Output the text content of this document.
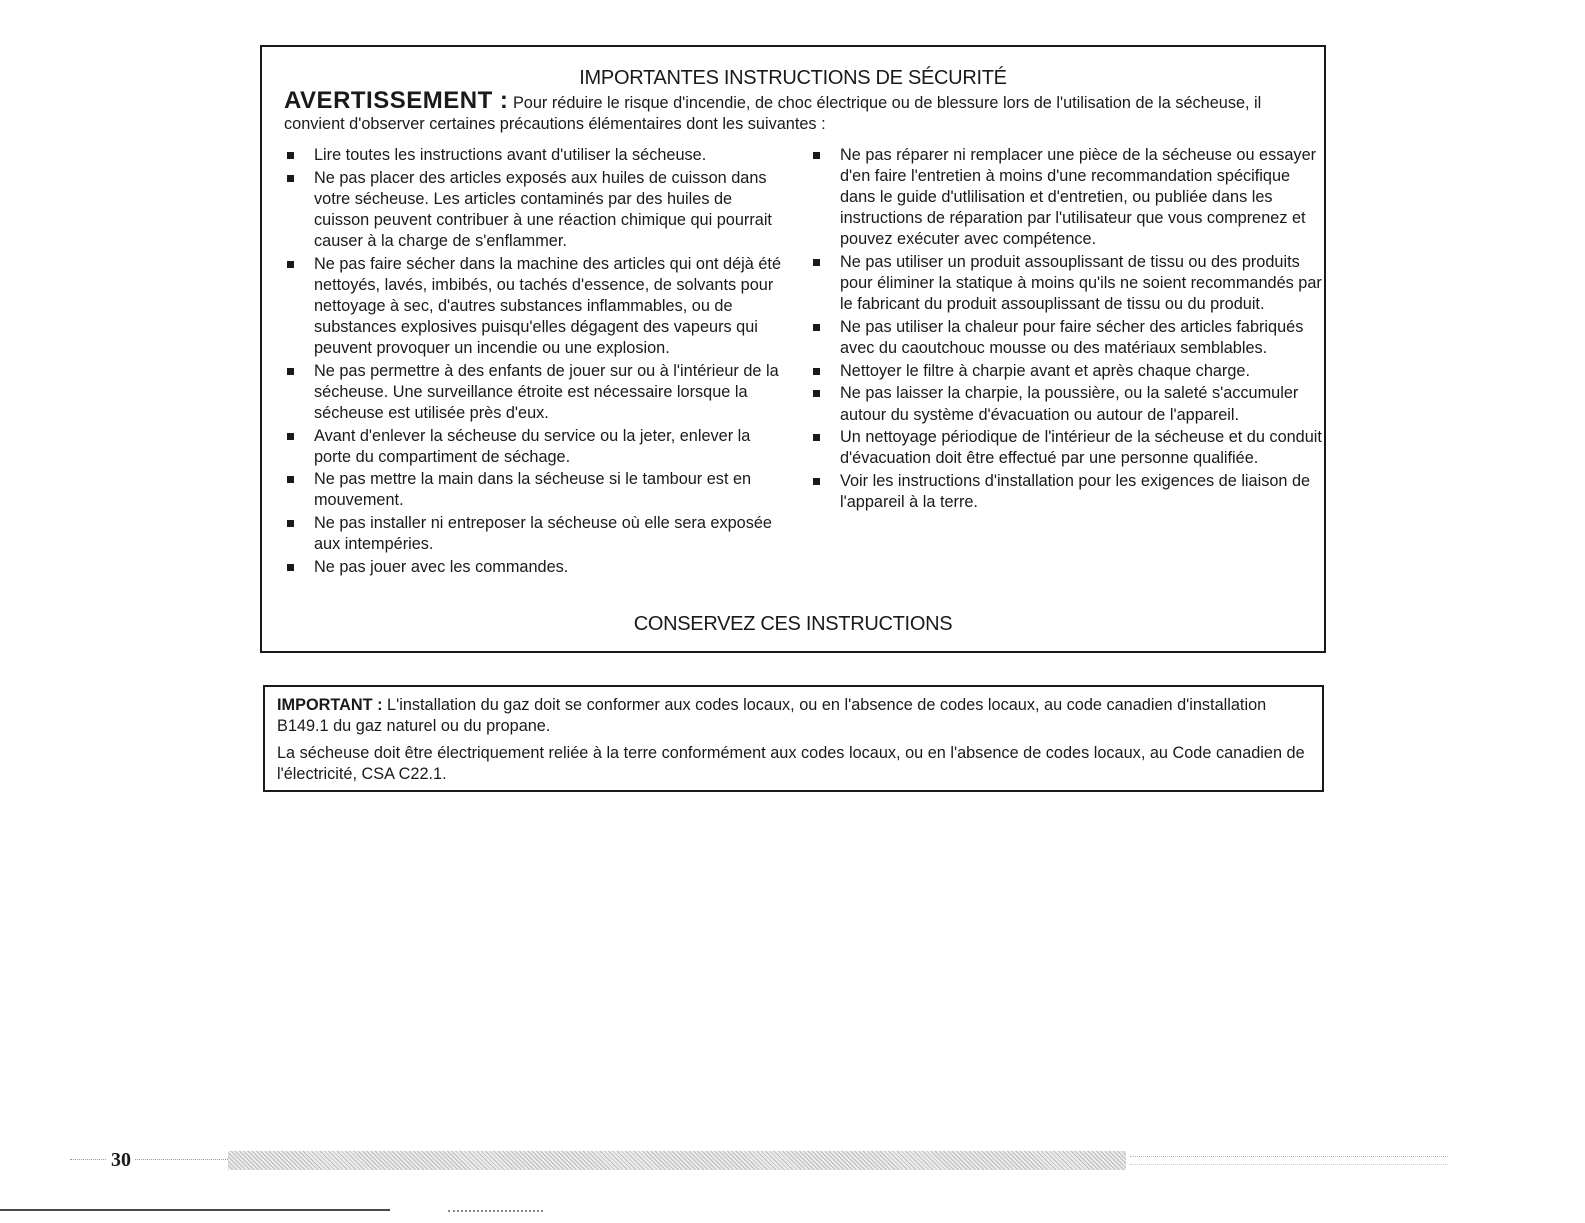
IMPORTANTES INSTRUCTIONS DE SÉCURITÉ
AVERTISSEMENT : Pour réduire le risque d'incendie, de choc électrique ou de blessure lors de l'utilisation de la sécheuse, il convient d'observer certaines précautions élémentaires dont les suivantes :
Lire toutes les instructions avant d'utiliser la sécheuse.
Ne pas placer des articles exposés aux huiles de cuisson dans votre sécheuse. Les articles contaminés par des huiles de cuisson peuvent contribuer à une réaction chimique qui pourrait causer à la charge de s'enflammer.
Ne pas faire sécher dans la machine des articles qui ont déjà été nettoyés, lavés, imbibés, ou tachés d'essence, de solvants pour nettoyage à sec, d'autres substances inflammables, ou de substances explosives puisqu'elles dégagent des vapeurs qui peuvent provoquer un incendie ou une explosion.
Ne pas permettre à des enfants de jouer sur ou à l'intérieur de la sécheuse. Une surveillance étroite est nécessaire lorsque la sécheuse est utilisée près d'eux.
Avant d'enlever la sécheuse du service ou la jeter, enlever la porte du compartiment de séchage.
Ne pas mettre la main dans la sécheuse si le tambour est en mouvement.
Ne pas installer ni entreposer la sécheuse où elle sera exposée aux intempéries.
Ne pas jouer avec les commandes.
Ne pas réparer ni remplacer une pièce de la sécheuse ou essayer d'en faire l'entretien à moins d'une recommandation spécifique dans le guide d'utlilisation et d'entretien, ou publiée dans les instructions de réparation par l'utilisateur que vous comprenez et pouvez exécuter avec compétence.
Ne pas utiliser un produit assouplissant de tissu ou des produits pour éliminer la statique à moins qu'ils ne soient recommandés par le fabricant du produit assouplissant de tissu ou du produit.
Ne pas utiliser la chaleur pour faire sécher des articles fabriqués avec du caoutchouc mousse ou des matériaux semblables.
Nettoyer le filtre à charpie avant et après chaque charge.
Ne pas laisser la charpie, la poussière, ou la saleté s'accumuler autour du système d'évacuation ou autour de l'appareil.
Un nettoyage périodique de l'intérieur de la sécheuse et du conduit d'évacuation doit être effectué par une personne qualifiée.
Voir les instructions d'installation pour les exigences de liaison de l'appareil à la terre.
CONSERVEZ CES INSTRUCTIONS

IMPORTANT : L'installation du gaz doit se conformer aux codes locaux, ou en l'absence de codes locaux, au code canadien d'installation B149.1 du gaz naturel ou du propane.

La sécheuse doit être électriquement reliée à la terre conformément aux codes locaux, ou en l'absence de codes locaux, au Code canadien de l'électricité, CSA C22.1.

30
